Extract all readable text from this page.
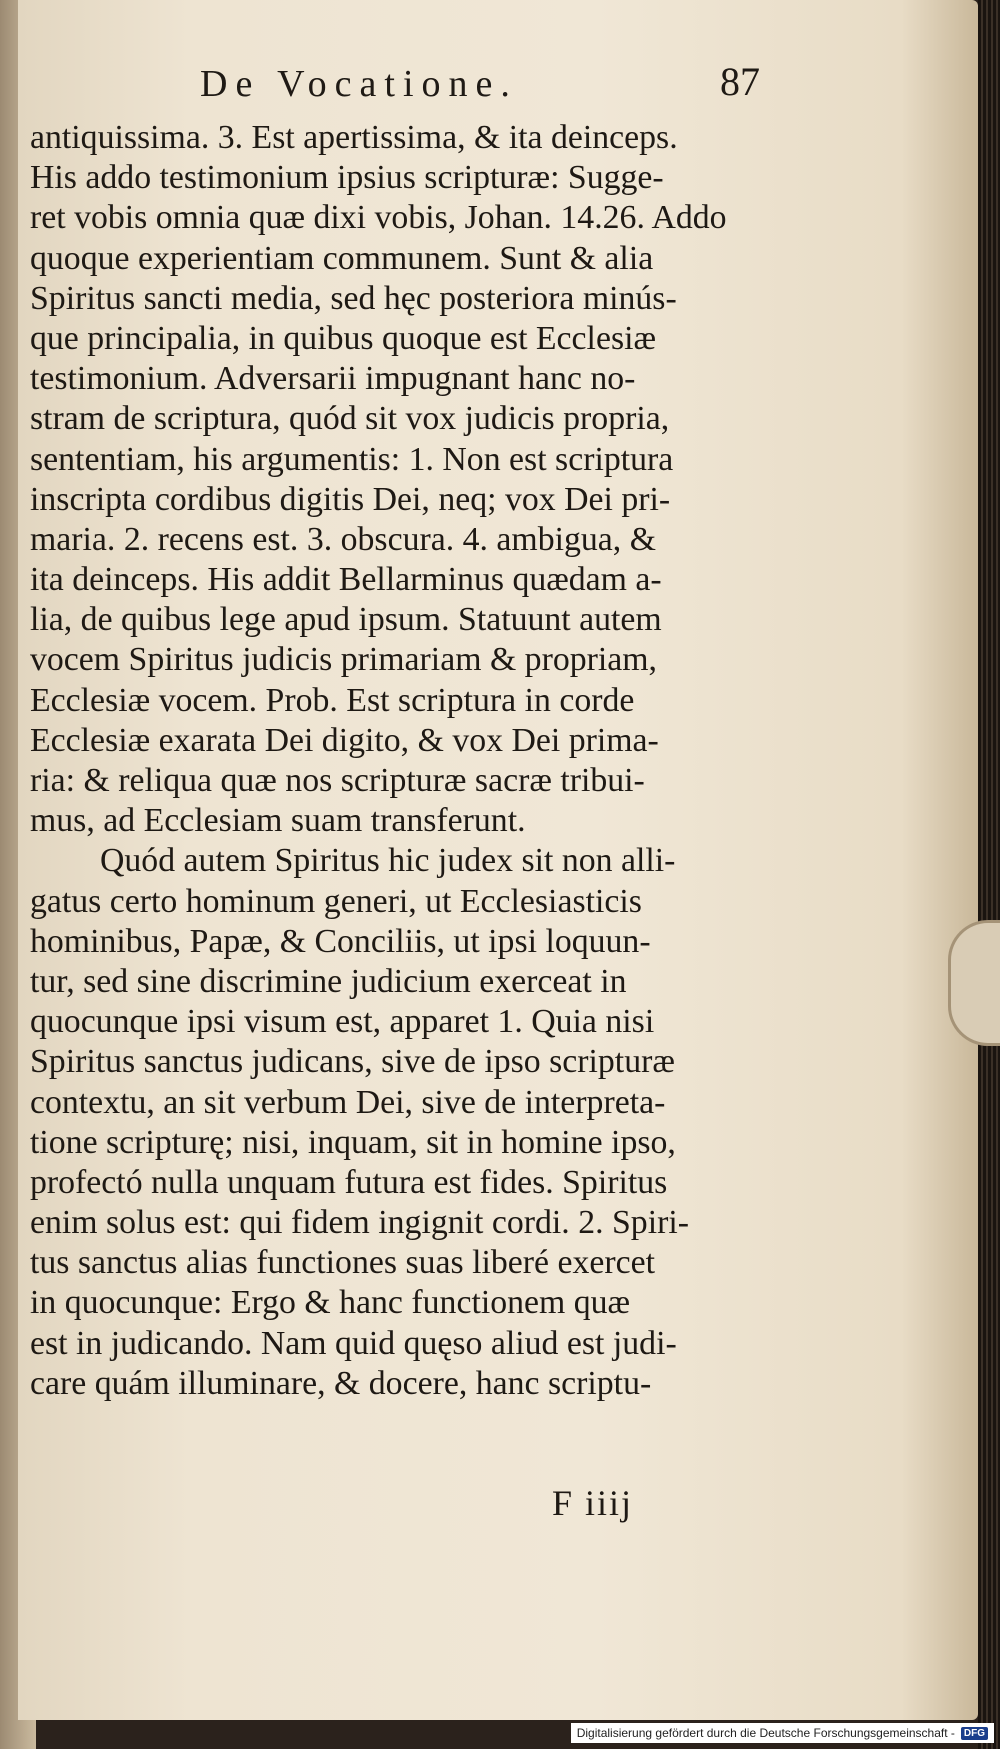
De Vocatione.	87
antiquissima. 3. Est apertissima, & ita deinceps.
His addo testimonium ipsius scripturæ: Sugge-
ret vobis omnia quæ dixi vobis, Johan. 14.26. Addo
quoque experientiam communem. Sunt & alia
Spiritus sancti media, sed hęc posteriora minús-
que principalia, in quibus quoque est Ecclesiæ
testimonium. Adversarii impugnant hanc no-
stram de scriptura, quód sit vox judicis propria,
sententiam, his argumentis: 1. Non est scriptura
inscripta cordibus digitis Dei, neq; vox Dei pri-
maria. 2. recens est. 3. obscura. 4. ambigua, &
ita deinceps. His addit Bellarminus quædam a-
lia, de quibus lege apud ipsum. Statuunt autem
vocem Spiritus judicis primariam & propriam,
Ecclesiæ vocem. Prob. Est scriptura in corde
Ecclesiæ exarata Dei digito, & vox Dei prima-
ria: & reliqua quæ nos scripturæ sacræ tribui-
mus, ad Ecclesiam suam transferunt.
Quód autem Spiritus hic judex sit non alli-
gatus certo hominum generi, ut Ecclesiasticis
hominibus, Papæ, & Conciliis, ut ipsi loquun-
tur, sed sine discrimine judicium exerceat in
quocunque ipsi visum est, apparet 1. Quia nisi
Spiritus sanctus judicans, sive de ipso scripturæ
contextu, an sit verbum Dei, sive de interpreta-
tione scripturę; nisi, inquam, sit in homine ipso,
profectó nulla unquam futura est fides. Spiritus
enim solus est: qui fidem ingignit cordi. 2. Spiri-
tus sanctus alias functiones suas liberé exercet
in quocunque: Ergo & hanc functionem quæ
est in judicando. Nam quid quęso aliud est judi-
care quám illuminare, & docere, hanc scriptu-
F iiij
Digitalisierung gefördert durch die Deutsche Forschungsgemeinschaft - DFG
